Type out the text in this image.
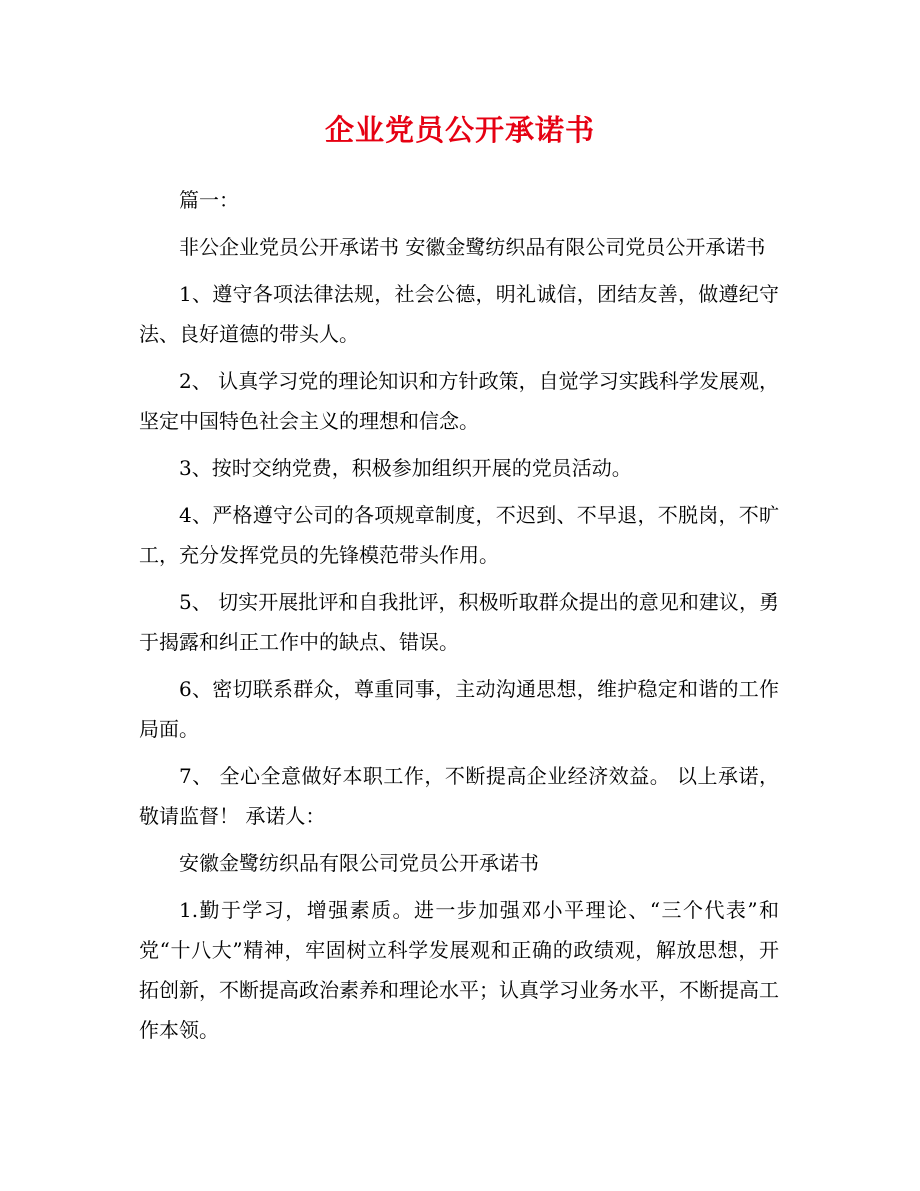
企业党员公开承诺书

篇一：

非公企业党员公开承诺书 安徽金鹭纺织品有限公司党员公开承诺书

1、遵守各项法律法规，社会公德，明礼诚信，团结友善，做遵纪守法、良好道德的带头人。

2、 认真学习党的理论知识和方针政策，自觉学习实践科学发展观，坚定中国特色社会主义的理想和信念。

3、按时交纳党费，积极参加组织开展的党员活动。

4、严格遵守公司的各项规章制度，不迟到、不早退，不脱岗，不旷工，充分发挥党员的先锋模范带头作用。

5、 切实开展批评和自我批评，积极听取群众提出的意见和建议，勇于揭露和纠正工作中的缺点、错误。

6、密切联系群众，尊重同事，主动沟通思想，维护稳定和谐的工作局面。

7、 全心全意做好本职工作，不断提高企业经济效益。 以上承诺，敬请监督！ 承诺人：

安徽金鹭纺织品有限公司党员公开承诺书

1.勤于学习，增强素质。进一步加强邓小平理论、“三个代表”和党“十八大”精神，牢固树立科学发展观和正确的政绩观，解放思想，开拓创新，不断提高政治素养和理论水平；认真学习业务水平，不断提高工作本领。
